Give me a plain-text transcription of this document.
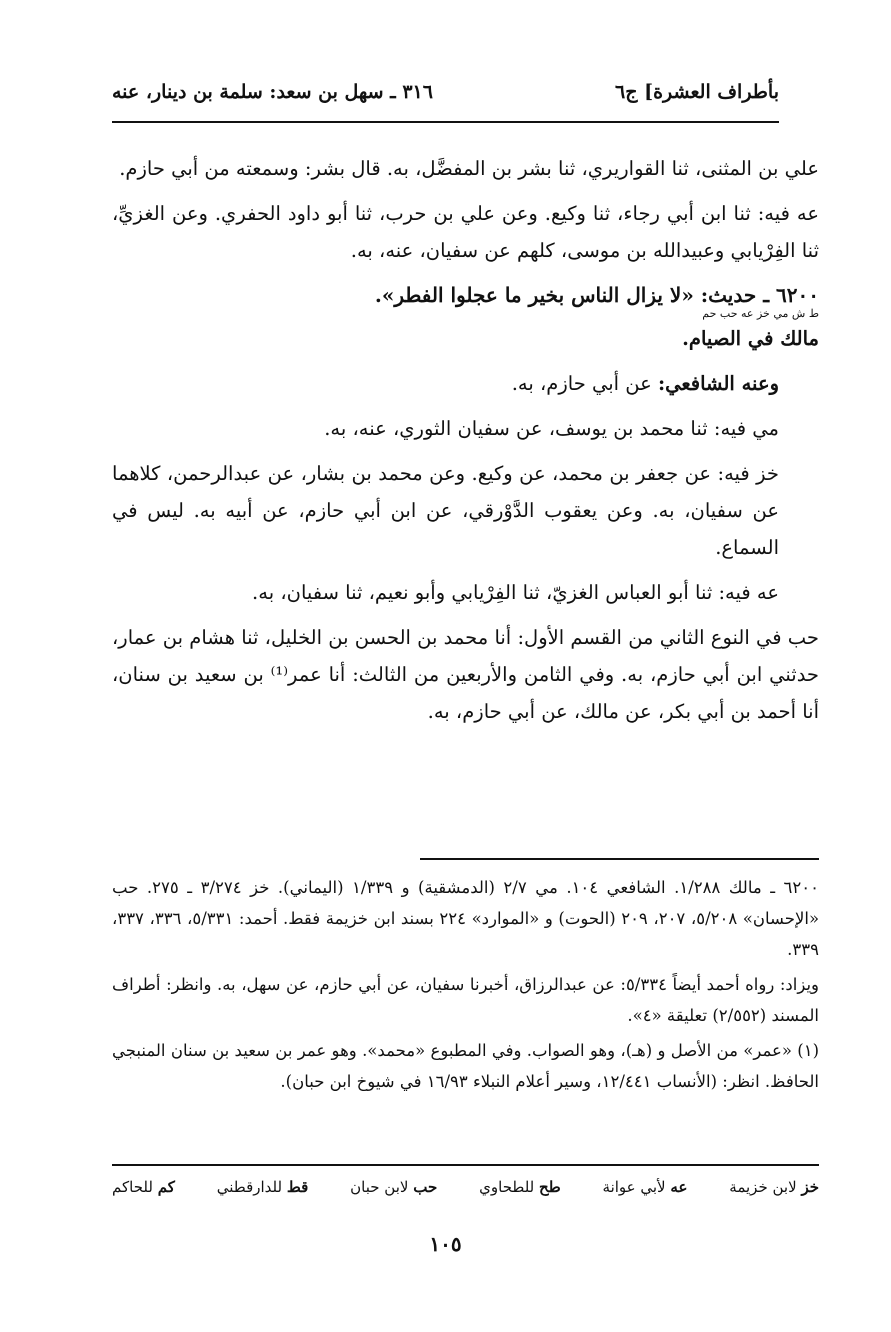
بأطراف العشرة] ج٦
٣١٦ ـ سهل بن سعد: سلمة بن دينار، عنه

علي بن المثنى، ثنا القواريري، ثنا بشر بن المفضَّل، به. قال بشر: وسمعته من أبي حازم.

عه فيه: ثنا ابن أبي رجاء، ثنا وكيع. وعن علي بن حرب، ثنا أبو داود الحفري. وعن الغزيِّ، ثنا الفِرْيابي وعبيدالله بن موسى، كلهم عن سفيان، عنه، به.

٦٢٠٠ ـ حديث: «لا يزال الناس بخير ما عجلوا الفطر».

ط ش مي خز عه حب حم

مالك في الصيام.

وعنه الشافعي: عن أبي حازم، به.

مي فيه: ثنا محمد بن يوسف، عن سفيان الثوري، عنه، به.

خز فيه: عن جعفر بن محمد، عن وكيع. وعن محمد بن بشار، عن عبدالرحمن، كلاهما عن سفيان، به. وعن يعقوب الدَّوْرقي، عن ابن أبي حازم، عن أبيه به. ليس في السماع.

عه فيه: ثنا أبو العباس الغزيّ، ثنا الفِرْيابي وأبو نعيم، ثنا سفيان، به.

حب في النوع الثاني من القسم الأول: أنا محمد بن الحسن بن الخليل، ثنا هشام بن عمار، حدثني ابن أبي حازم، به. وفي الثامن والأربعين من الثالث: أنا عمر⁽¹⁾ بن سعيد بن سنان، أنا أحمد بن أبي بكر، عن مالك، عن أبي حازم، به.

٦٢٠٠ ـ مالك ١/٢٨٨. الشافعي ١٠٤. مي ٢/٧ (الدمشقية) و ١/٣٣٩ (اليماني). خز ٣/٢٧٤ ـ ٢٧٥. حب «الإحسان» ٥/٢٠٨، ٢٠٧، ٢٠٩ (الحوت) و «الموارد» ٢٢٤ بسند ابن خزيمة فقط. أحمد: ٥/٣٣١، ٣٣٦، ٣٣٧، ٣٣٩.

ويزاد: رواه أحمد أيضاً ٥/٣٣٤: عن عبدالرزاق، أخبرنا سفيان، عن أبي حازم، عن سهل، به. وانظر: أطراف المسند (٢/٥٥٢) تعليقة «٤».

(١) «عمر» من الأصل و (هـ)، وهو الصواب. وفي المطبوع «محمد». وهو عمر بن سعيد بن سنان المنبجي الحافظ. انظر: (الأنساب ١٢/٤٤١، وسير أعلام النبلاء ١٦/٩٣ في شيوخ ابن حبان).

خز لابن خزيمة
عه لأبي عوانة
طح للطحاوي
حب لابن حبان
قط للدارقطني
كم للحاكم
١٠٥
